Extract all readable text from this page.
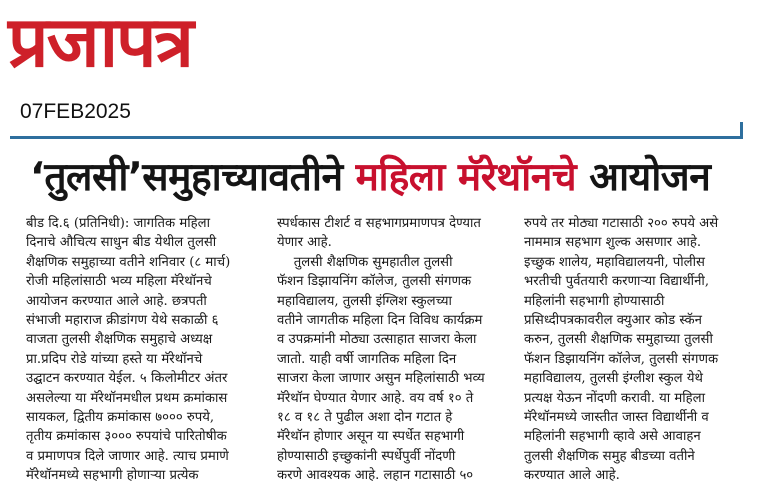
प्रजापत्र
07FEB2025
‘तुलसी’समुहाच्यावतीने महिला मॅरेथॉनचे आयोजन
बीड दि.६ (प्रतिनिधी): जागतिक महिला
दिनाचे औचित्य साधुन बीड येथील तुलसी
शैक्षणिक समुहाच्या वतीने शनिवार (८ मार्च)
रोजी महिलांसाठी भव्य महिला मॅरेथॉनचे
आयोजन करण्यात आले आहे. छत्रपती
संभाजी महाराज क्रीडांगण येथे सकाळी ६
वाजता तुलसी शैक्षणिक समुहाचे अध्यक्ष
प्रा.प्रदिप रोडे यांच्या हस्ते या मॅरेथॉनचे
उद्घाटन करण्यात येईल. ५ किलोमीटर अंतर
असलेल्या या मॅरेथॉनमधील प्रथम क्रमांकास
सायकल, द्वितीय क्रमांकास ७००० रुपये,
तृतीय क्रमांकास ३००० रुपयांचे पारितोषीक
व प्रमाणपत्र दिले जाणार आहे. त्याच प्रमाणे
मॅरेथॉनमध्ये सहभागी होणाऱ्या प्रत्येक
स्पर्धकास टीशर्ट व सहभागप्रमाणपत्र देण्यात
येणार आहे.
तुलसी शैक्षणिक सुमहातील तुलसी
फॅशन डिझायनिंग कॉलेज, तुलसी संगणक
महाविद्यालय, तुलसी इंग्लिश स्कुलच्या
वतीने जागतीक महिला दिन विविध कार्यक्रम
व उपक्रमांनी मोठ्या उत्साहात साजरा केला
जातो. याही वर्षी जागतिक महिला दिन
साजरा केला जाणार असुन महिलांसाठी भव्य
मॅरेथॉन घेण्यात येणार आहे. वय वर्ष १० ते
१८ व १८ ते पुढील अशा दोन गटात हे
मॅरेथॉन होणार असून या स्पर्धेत सहभागी
होण्यासाठी इच्छुकांनी स्पर्धेपुर्वी नोंदणी
करणे आवश्यक आहे. लहान गटासाठी ५०
रुपये तर मोठ्या गटासाठी २०० रुपये असे
नाममात्र सहभाग शुल्क असणार आहे.
इच्छुक शालेय, महाविद्यालयनी, पोलीस
भरतीची पुर्वतयारी करणाऱ्या विद्यार्थीनी,
महिलांनी सहभागी होण्यासाठी
प्रसिध्दीपत्रकावरील क्युआर कोड स्कॅन
करुन, तुलसी शैक्षणिक समुहाच्या तुलसी
फॅशन डिझायनिंग कॉलेज, तुलसी संगणक
महाविद्यालय, तुलसी इंग्लीश स्कुल येथे
प्रत्यक्ष येऊन नोंदणी करावी. या महिला
मॅरेथॉनमध्ये जास्तीत जास्त विद्यार्थीनी व
महिलांनी सहभागी व्हावे असे आवाहन
तुलसी शैक्षणिक समुह बीडच्या वतीने
करण्यात आले आहे.
